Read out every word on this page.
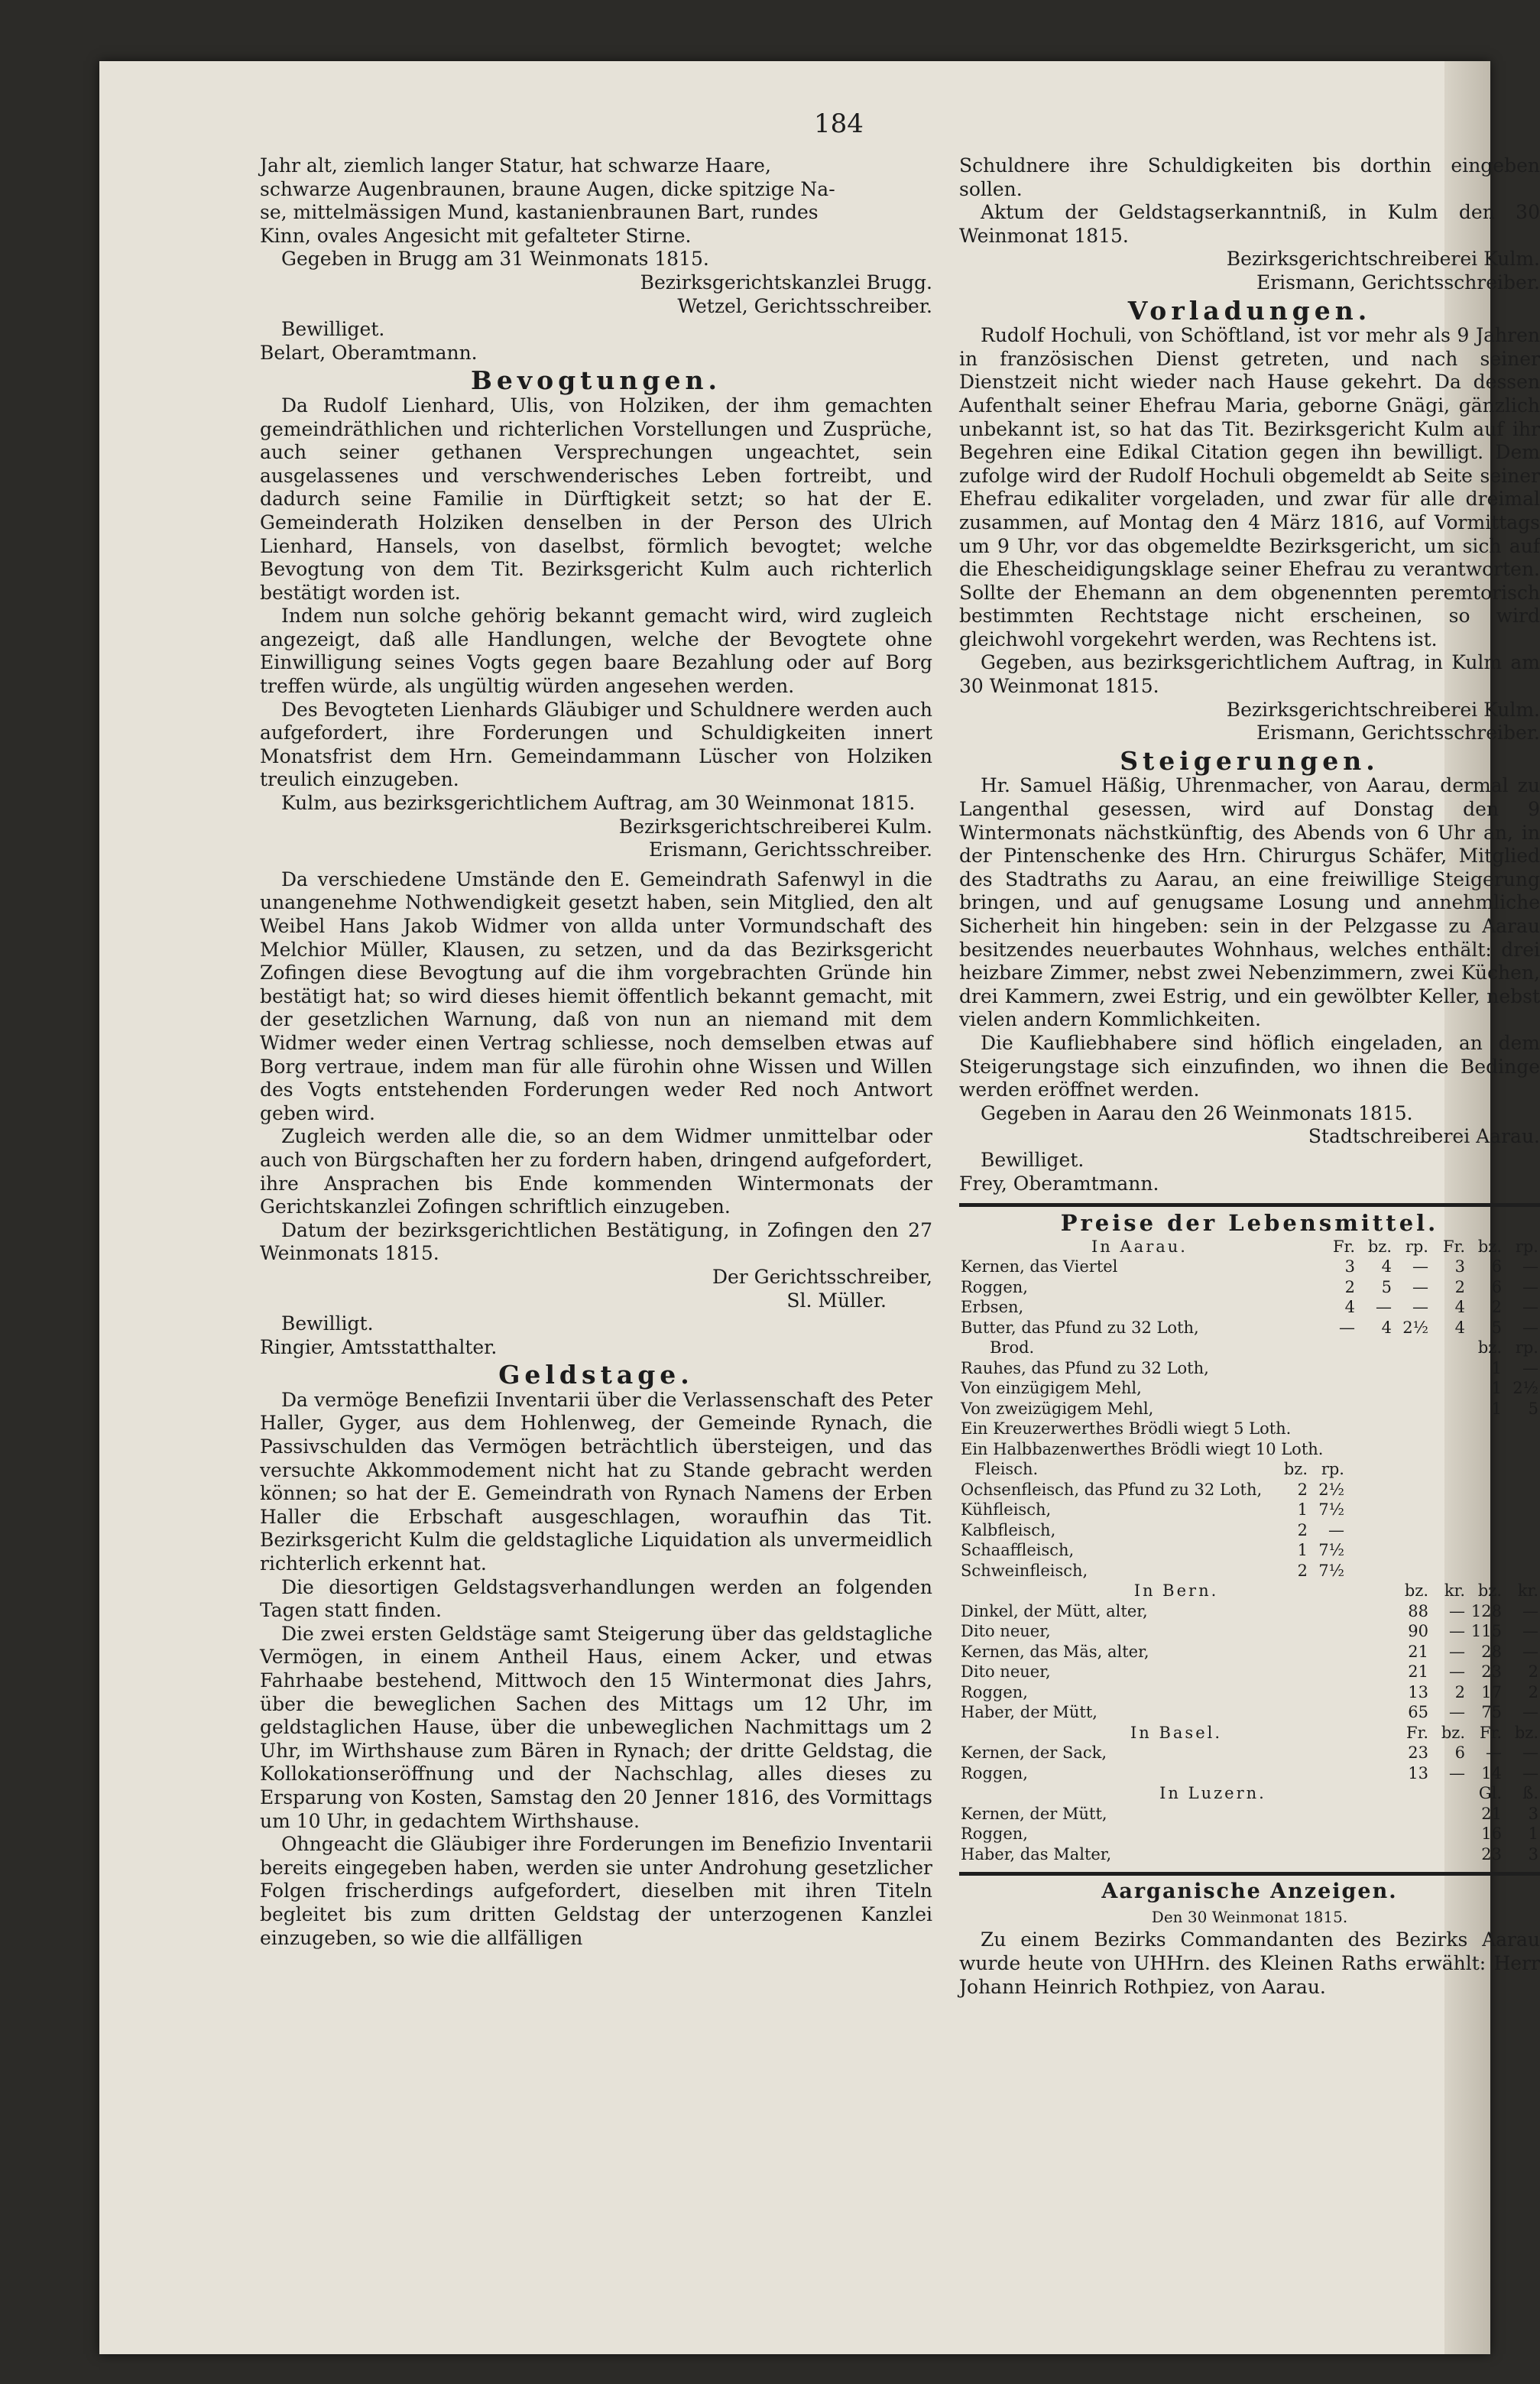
184

Jahr alt, ziemlich langer Statur, hat schwarze Haare,

schwarze Augenbraunen, braune Augen, dicke spitzige Na-

se, mittelmässigen Mund, kastanienbraunen Bart, rundes

Kinn, ovales Angesicht mit gefalteter Stirne.

Gegeben in Brugg am 31 Weinmonats 1815.

Bezirksgerichtskanzlei Brugg.

Wetzel, Gerichtsschreiber.

Bewilliget.

Belart, Oberamtmann.

Bevogtungen.

Da Rudolf Lienhard, Ulis, von Holziken, der ihm gemachten gemeindräthlichen und richterlichen Vorstellungen und Zusprüche, auch seiner gethanen Versprechungen ungeachtet, sein ausgelassenes und verschwenderisches Leben fortreibt, und dadurch seine Familie in Dürftigkeit setzt; so hat der E. Gemeinderath Holziken denselben in der Person des Ulrich Lienhard, Hansels, von daselbst, förmlich bevogtet; welche Bevogtung von dem Tit. Bezirksgericht Kulm auch richterlich bestätigt worden ist.

Indem nun solche gehörig bekannt gemacht wird, wird zugleich angezeigt, daß alle Handlungen, welche der Bevogtete ohne Einwilligung seines Vogts gegen baare Bezahlung oder auf Borg treffen würde, als ungültig würden angesehen werden.

Des Bevogteten Lienhards Gläubiger und Schuldnere werden auch aufgefordert, ihre Forderungen und Schuldigkeiten innert Monatsfrist dem Hrn. Gemeindammann Lüscher von Holziken treulich einzugeben.

Kulm, aus bezirksgerichtlichem Auftrag, am 30 Weinmonat 1815.

Bezirksgerichtschreiberei Kulm.

Erismann, Gerichtsschreiber.

Da verschiedene Umstände den E. Gemeindrath Safenwyl in die unangenehme Nothwendigkeit gesetzt haben, sein Mitglied, den alt Weibel Hans Jakob Widmer von allda unter Vormundschaft des Melchior Müller, Klausen, zu setzen, und da das Bezirksgericht Zofingen diese Bevogtung auf die ihm vorgebrachten Gründe hin bestätigt hat; so wird dieses hiemit öffentlich bekannt gemacht, mit der gesetzlichen Warnung, daß von nun an niemand mit dem Widmer weder einen Vertrag schliesse, noch demselben etwas auf Borg vertraue, indem man für alle fürohin ohne Wissen und Willen des Vogts entstehenden Forderungen weder Red noch Antwort geben wird.

Zugleich werden alle die, so an dem Widmer unmittelbar oder auch von Bürgschaften her zu fordern haben, dringend aufgefordert, ihre Ansprachen bis Ende kommenden Wintermonats der Gerichtskanzlei Zofingen schriftlich einzugeben.

Datum der bezirksgerichtlichen Bestätigung, in Zofingen den 27 Weinmonats 1815.

Der Gerichtsschreiber,

Sl. Müller.

Bewilligt.

Ringier, Amtsstatthalter.

Geldstage.

Da vermöge Benefizii Inventarii über die Verlassenschaft des Peter Haller, Gyger, aus dem Hohlenweg, der Gemeinde Rynach, die Passivschulden das Vermögen beträchtlich übersteigen, und das versuchte Akkommodement nicht hat zu Stande gebracht werden können; so hat der E. Gemeindrath von Rynach Namens der Erben Haller die Erbschaft ausgeschlagen, woraufhin das Tit. Bezirksgericht Kulm die geldstagliche Liquidation als unvermeidlich richterlich erkennt hat.

Die diesortigen Geldstagsverhandlungen werden an folgenden Tagen statt finden.

Die zwei ersten Geldstäge samt Steigerung über das geldstagliche Vermögen, in einem Antheil Haus, einem Acker, und etwas Fahrhaabe bestehend, Mittwoch den 15 Wintermonat dies Jahrs, über die beweglichen Sachen des Mittags um 12 Uhr, im geldstaglichen Hause, über die unbeweglichen Nachmittags um 2 Uhr, im Wirthshause zum Bären in Rynach; der dritte Geldstag, die Kollokationseröffnung und der Nachschlag, alles dieses zu Ersparung von Kosten, Samstag den 20 Jenner 1816, des Vormittags um 10 Uhr, in gedachtem Wirthshause.

Ohngeacht die Gläubiger ihre Forderungen im Benefizio Inventarii bereits eingegeben haben, werden sie unter Androhung gesetzlicher Folgen frischerdings aufgefordert, dieselben mit ihren Titeln begleitet bis zum dritten Geldstag der unterzogenen Kanzlei einzugeben, so wie die allfälligen

Schuldnere ihre Schuldigkeiten bis dorthin eingeben sollen.

Aktum der Geldstagserkanntniß, in Kulm den 30 Weinmonat 1815.

Bezirksgerichtschreiberei Kulm.

Erismann, Gerichtsschreiber.

Vorladungen.

Rudolf Hochuli, von Schöftland, ist vor mehr als 9 Jahren in französischen Dienst getreten, und nach seiner Dienstzeit nicht wieder nach Hause gekehrt. Da dessen Aufenthalt seiner Ehefrau Maria, geborne Gnägi, gänzlich unbekannt ist, so hat das Tit. Bezirksgericht Kulm auf ihr Begehren eine Edikal Citation gegen ihn bewilligt. Dem zufolge wird der Rudolf Hochuli obgemeldt ab Seite seiner Ehefrau edikaliter vorgeladen, und zwar für alle dreimal zusammen, auf Montag den 4 März 1816, auf Vormittags um 9 Uhr, vor das obgemeldte Bezirksgericht, um sich auf die Ehescheidigungsklage seiner Ehefrau zu verantworten. Sollte der Ehemann an dem obgenennten peremtorisch bestimmten Rechtstage nicht erscheinen, so wird gleichwohl vorgekehrt werden, was Rechtens ist.

Gegeben, aus bezirksgerichtlichem Auftrag, in Kulm am 30 Weinmonat 1815.

Bezirksgerichtschreiberei Kulm.

Erismann, Gerichtsschreiber.

Steigerungen.

Hr. Samuel Häßig, Uhrenmacher, von Aarau, dermal zu Langenthal gesessen, wird auf Donstag den 9 Wintermonats nächstkünftig, des Abends von 6 Uhr an, in der Pintenschenke des Hrn. Chirurgus Schäfer, Mitglied des Stadtraths zu Aarau, an eine freiwillige Steigerung bringen, und auf genugsame Losung und annehmliche Sicherheit hin hingeben: sein in der Pelzgasse zu Aarau besitzendes neuerbautes Wohnhaus, welches enthält: drei heizbare Zimmer, nebst zwei Nebenzimmern, zwei Küchen, drei Kammern, zwei Estrig, und ein gewölbter Keller, nebst vielen andern Kommlichkeiten.

Die Kaufliebhabere sind höflich eingeladen, an dem Steigerungstage sich einzufinden, wo ihnen die Bedinge werden eröffnet werden.

Gegeben in Aarau den 26 Weinmonats 1815.

Stadtschreiberei Aarau.

Bewilliget.

Frey, Oberamtmann.

Preise der Lebensmittel.
In Aarau.	Fr.	bz.	rp.	Fr.	bz.	rp.
Kernen, das Viertel	3	4	—	3	6	—
Roggen,	2	5	—	2	6	—
Erbsen,	4	—	—	4	2	—
Butter, das Pfund zu 32 Loth,	—	4	2½	4	5	—
Brod.	bz.	rp.
Rauhes, das Pfund zu 32 Loth,	1	—
Von einzügigem Mehl,	1	2½
Von zweizügigem Mehl,	1	5
Ein Kreuzerwerthes Brödli wiegt 5 Loth.		
Ein Halbbazenwerthes Brödli wiegt 10 Loth.		
Fleisch.	bz.	rp.	
Ochsenfleisch, das Pfund zu 32 Loth,	2	2½	
Kühfleisch,	1	7½	
Kalbfleisch,	2	—	
Schaaffleisch,	1	7½	
Schweinfleisch,	2	7½	
In Bern.	bz.	kr.	bz.	kr.
Dinkel, der Mütt, alter,	88	—	128	—
Dito neuer,	90	—	115	—
Kernen, das Mäs, alter,	21	—	28	—
Dito neuer,	21	—	23	2
Roggen,	13	2	17	2
Haber, der Mütt,	65	—	75	—
In Basel.	Fr.	bz.	Fr.	bz.
Kernen, der Sack,	23	6	—	—
Roggen,	13	—	14	—
In Luzern.	Gl.	ß.
Kernen, der Mütt,	21	3
Roggen,	16	1
Haber, das Malter,	23	3
Aarganische Anzeigen.

Den 30 Weinmonat 1815.

Zu einem Bezirks Commandanten des Bezirks Aarau wurde heute von UHHrn. des Kleinen Raths erwählt: Herr Johann Heinrich Rothpiez, von Aarau.
